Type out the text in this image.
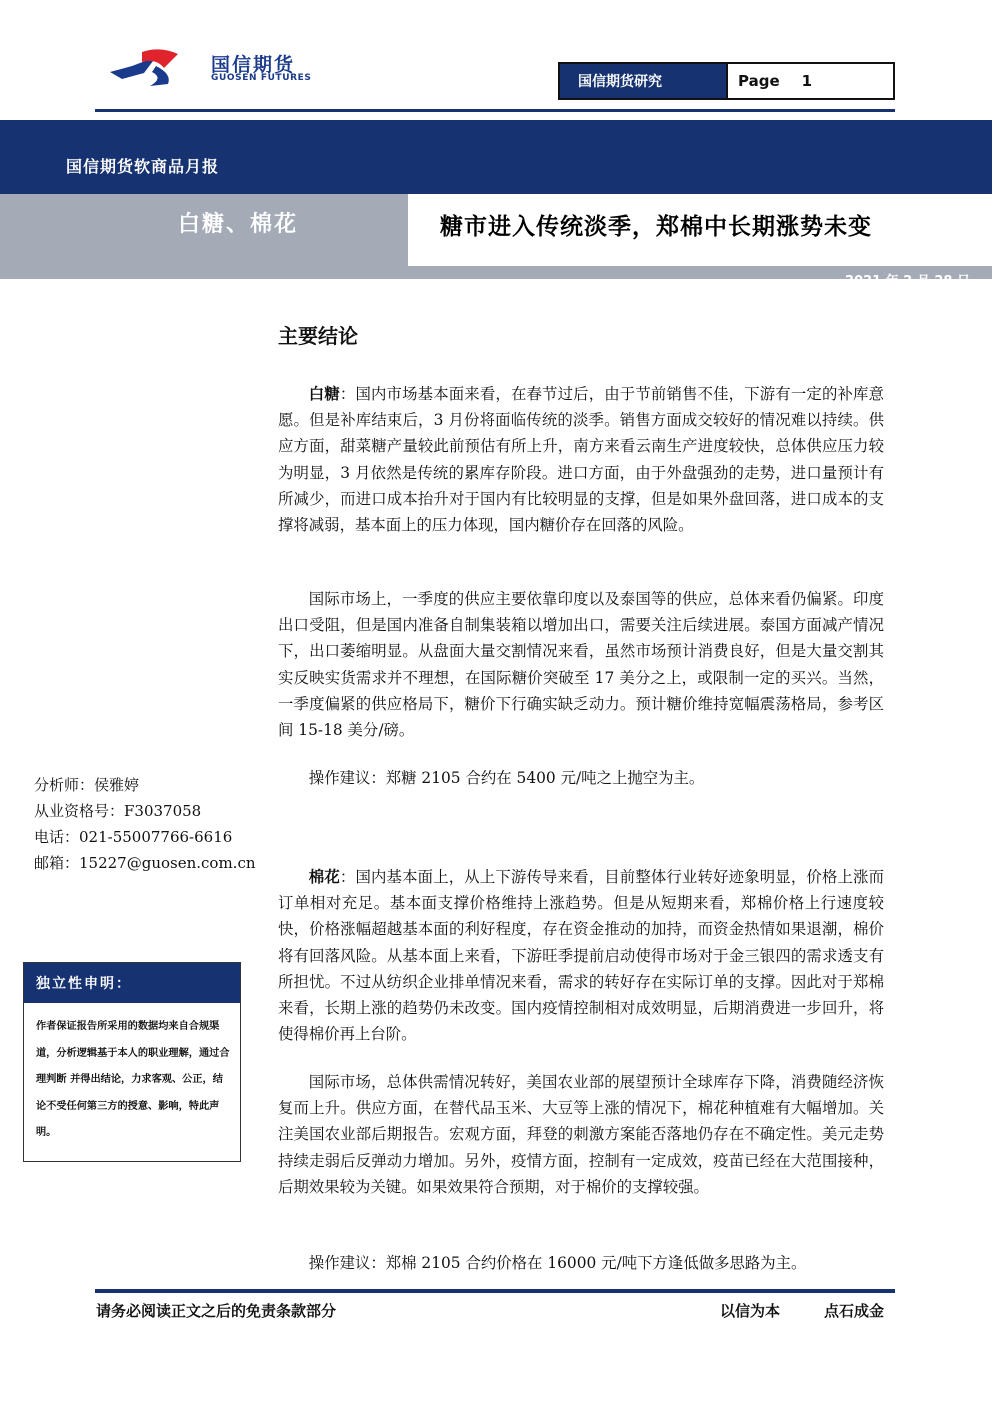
国信期货
GUOSEN FUTURES	国信期货研究	Page 1
国信期货软商品月报
白糖、棉花	糖市进入传统淡季，郑棉中长期涨势未变
2021 年 2 月 28 日
主要结论

白糖：国内市场基本面来看，在春节过后，由于节前销售不佳，下游有一定的补库意愿。但是补库结束后，3 月份将面临传统的淡季。销售方面成交较好的情况难以持续。供应方面，甜菜糖产量较此前预估有所上升，南方来看云南生产进度较快，总体供应压力较为明显，3 月依然是传统的累库存阶段。进口方面，由于外盘强劲的走势，进口量预计有所减少，而进口成本抬升对于国内有比较明显的支撑，但是如果外盘回落，进口成本的支撑将减弱，基本面上的压力体现，国内糖价存在回落的风险。

国际市场上，一季度的供应主要依靠印度以及泰国等的供应，总体来看仍偏紧。印度出口受阻，但是国内准备自制集装箱以增加出口，需要关注后续进展。泰国方面减产情况下，出口萎缩明显。从盘面大量交割情况来看，虽然市场预计消费良好，但是大量交割其实反映实货需求并不理想，在国际糖价突破至 17 美分之上，或限制一定的买兴。当然，一季度偏紧的供应格局下，糖价下行确实缺乏动力。预计糖价维持宽幅震荡格局，参考区间 15-18 美分/磅。

操作建议：郑糖 2105 合约在 5400 元/吨之上抛空为主。

棉花：国内基本面上，从上下游传导来看，目前整体行业转好迹象明显，价格上涨而订单相对充足。基本面支撑价格维持上涨趋势。但是从短期来看，郑棉价格上行速度较快，价格涨幅超越基本面的利好程度，存在资金推动的加持，而资金热情如果退潮，棉价将有回落风险。从基本面上来看，下游旺季提前启动使得市场对于金三银四的需求透支有所担忧。不过从纺织企业排单情况来看，需求的转好存在实际订单的支撑。因此对于郑棉来看，长期上涨的趋势仍未改变。国内疫情控制相对成效明显，后期消费进一步回升，将使得棉价再上台阶。

国际市场，总体供需情况转好，美国农业部的展望预计全球库存下降，消费随经济恢复而上升。供应方面，在替代品玉米、大豆等上涨的情况下，棉花种植难有大幅增加。关注美国农业部后期报告。宏观方面，拜登的刺激方案能否落地仍存在不确定性。美元走势持续走弱后反弹动力增加。另外，疫情方面，控制有一定成效，疫苗已经在大范围接种，后期效果较为关键。如果效果符合预期，对于棉价的支撑较强。

操作建议：郑棉 2105 合约价格在 16000 元/吨下方逢低做多思路为主。

分析师：侯雅婷
从业资格号：F3037058
电话：021-55007766-6616
邮箱：15227@guosen.com.cn
独立性申明：
作者保证报告所采用的数据均来自合规渠道，分析逻辑基于本人的职业理解，通过合理判断 并得出结论，力求客观、公正，结论不受任何第三方的授意、影响，特此声明。
请务必阅读正文之后的免责条款部分	以信为本	点石成金
